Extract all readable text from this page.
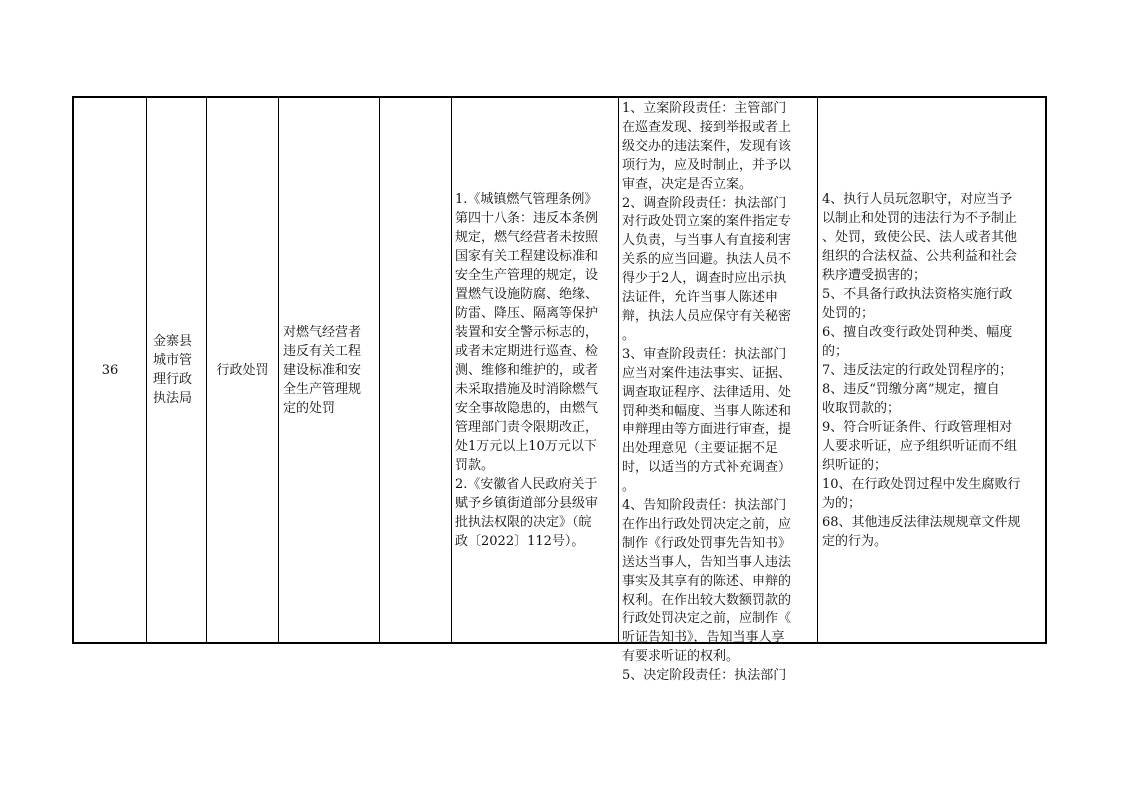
36
金寨县
城市管
理行政
执法局
行政处罚
对燃气经营者
违反有关工程
建设标准和安
全生产管理规
定的处罚
1.《城镇燃气管理条例》
第四十八条：违反本条例
规定，燃气经营者未按照
国家有关工程建设标准和
安全生产管理的规定，设
置燃气设施防腐、绝缘、
防雷、降压、隔离等保护
装置和安全警示标志的，
或者未定期进行巡查、检
测、维修和维护的，或者
未采取措施及时消除燃气
安全事故隐患的，由燃气
管理部门责令限期改正，
处1万元以上10万元以下
罚款。
2.《安徽省人民政府关于
赋予乡镇街道部分县级审
批执法权限的决定》（皖
政〔2022〕112号）。
1、立案阶段责任：主管部门
在巡查发现、接到举报或者上
级交办的违法案件，发现有该
项行为，应及时制止，并予以
审查，决定是否立案。
2、调查阶段责任：执法部门
对行政处罚立案的案件指定专
人负责，与当事人有直接利害
关系的应当回避。执法人员不
得少于2人，调查时应出示执
法证件，允许当事人陈述申
辩，执法人员应保守有关秘密
。
3、审查阶段责任：执法部门
应当对案件违法事实、证据、
调查取证程序、法律适用、处
罚种类和幅度、当事人陈述和
申辩理由等方面进行审查，提
出处理意见（主要证据不足
时，以适当的方式补充调查）
。
4、告知阶段责任：执法部门
在作出行政处罚决定之前，应
制作《行政处罚事先告知书》
送达当事人，告知当事人违法
事实及其享有的陈述、申辩的
权利。在作出较大数额罚款的
行政处罚决定之前，应制作《
听证告知书》，告知当事人享
有要求听证的权利。
5、决定阶段责任：执法部门
4、执行人员玩忽职守，对应当予
以制止和处罚的违法行为不予制止
、处罚，致使公民、法人或者其他
组织的合法权益、公共利益和社会
秩序遭受损害的；
5、不具备行政执法资格实施行政
处罚的；
6、擅自改变行政处罚种类、幅度
的；
7、违反法定的行政处罚程序的；
8、违反“罚缴分离”规定，擅自
收取罚款的；
9、符合听证条件、行政管理相对
人要求听证，应予组织听证而不组
织听证的；
10、在行政处罚过程中发生腐败行
为的；
68、其他违反法律法规规章文件规
定的行为。
